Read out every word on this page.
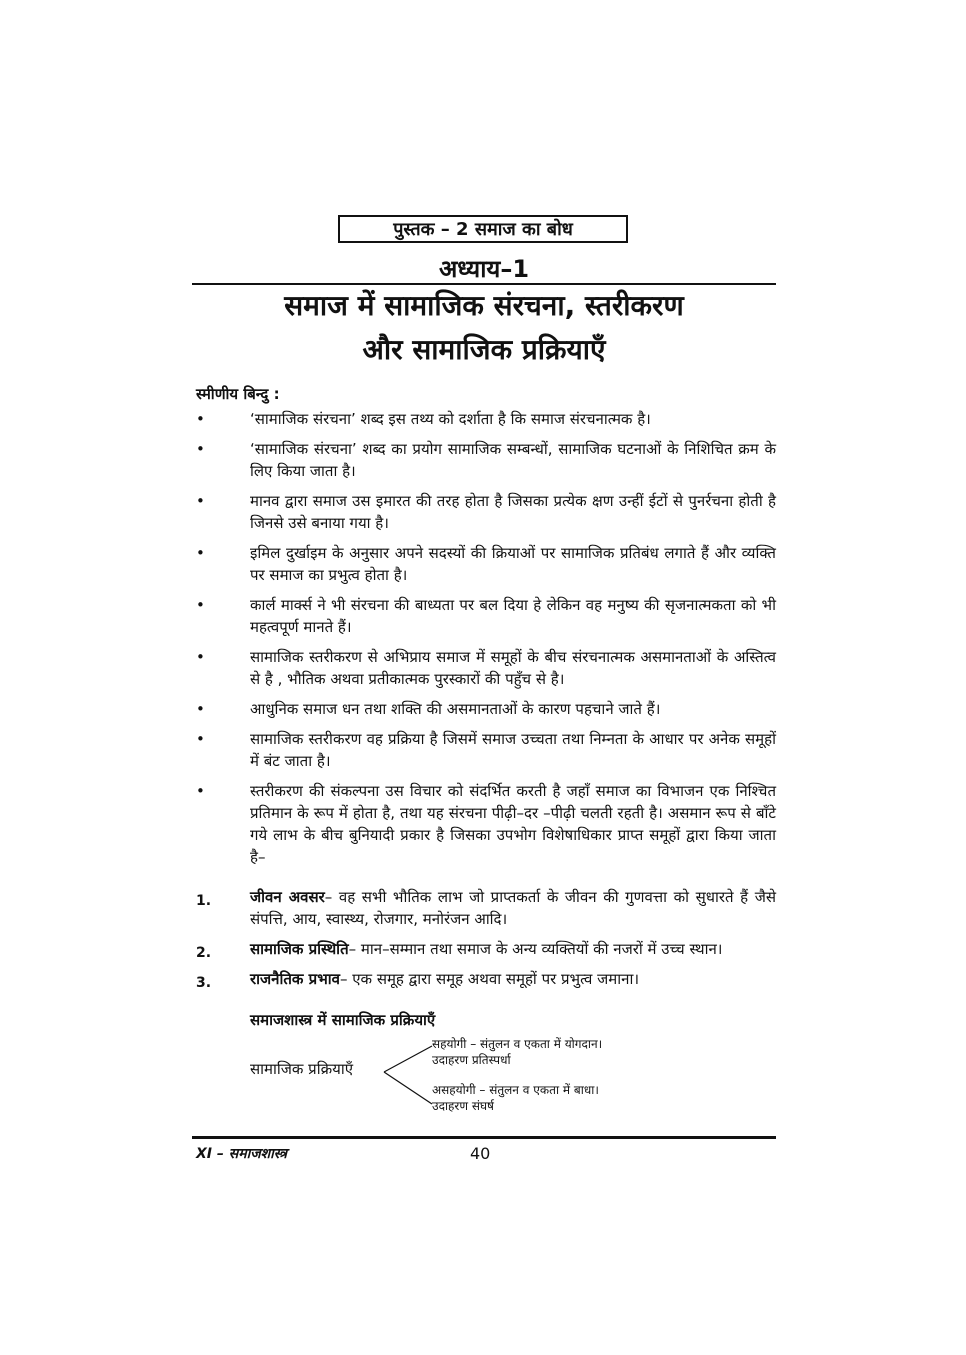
पुस्तक – 2 समाज का बोध
अध्याय–1
समाज में सामाजिक संरचना, स्तरीकरण
और सामाजिक प्रक्रियाएँ
स्मीणीय बिन्दु :
•	‘सामाजिक संरचना’ शब्द इस तथ्य को दर्शाता है कि समाज संरचनात्मक है।
•	‘सामाजिक संरचना’ शब्द का प्रयोग सामाजिक सम्बन्धों, सामाजिक घटनाओं के निशिचित क्रम के लिए किया जाता है।
•	मानव द्वारा समाज उस इमारत की तरह होता है जिसका प्रत्येक क्षण उन्हीं ईटों से पुनर्रचना होती है जिनसे उसे बनाया गया है।
•	इमिल दुर्खाइम के अनुसार अपने सदस्यों की क्रियाओं पर सामाजिक प्रतिबंध लगाते हैं और व्यक्ति पर समाज का प्रभुत्व होता है।
•	कार्ल मार्क्स ने भी संरचना की बाध्यता पर बल दिया हे लेकिन वह मनुष्य की सृजनात्मकता को भी महत्वपूर्ण मानते हैं।
•	सामाजिक स्तरीकरण से अभिप्राय समाज में समूहों के बीच संरचनात्मक असमानताओं के अस्तित्व से है , भौतिक अथवा प्रतीकात्मक पुरस्कारों की पहुँच से है।
•	आधुनिक समाज धन तथा शक्ति की असमानताओं के कारण पहचाने जाते हैं।
•	सामाजिक स्तरीकरण वह प्रक्रिया है जिसमें समाज उच्चता तथा निम्नता के आधार पर अनेक समूहों में बंट जाता है।
•	स्तरीकरण की संकल्पना उस विचार को संदर्भित करती है जहाँ समाज का विभाजन एक निश्चित प्रतिमान के रूप में होता है, तथा यह संरचना पीढ़ी–दर –पीढ़ी चलती रहती है। असमान रूप से बाँटे गये लाभ के बीच बुनियादी प्रकार है जिसका उपभोग विशेषाधिकार प्राप्त समूहों द्वारा किया जाता है–
1.	जीवन अवसर– वह सभी भौतिक लाभ जो प्राप्तकर्ता के जीवन की गुणवत्ता को सुधारते हैं जैसे संपत्ति, आय, स्वास्थ्य, रोजगार, मनोरंजन आदि।
2.	सामाजिक प्रस्थिति– मान–सम्मान तथा समाज के अन्य व्यक्तियों की नजरों में उच्च स्थान।
3.	राजनैतिक प्रभाव– एक समूह द्वारा समूह अथवा समूहों पर प्रभुत्व जमाना।
समाजशास्त्र में सामाजिक प्रक्रियाएँ
सामाजिक प्रक्रियाएँ
सहयोगी – संतुलन व एकता में योगदान।
उदाहरण प्रतिस्पर्धा
असहयोगी – संतुलन व एकता में बाधा।
उदाहरण संघर्ष
XI – समाजशास्त्र	40
